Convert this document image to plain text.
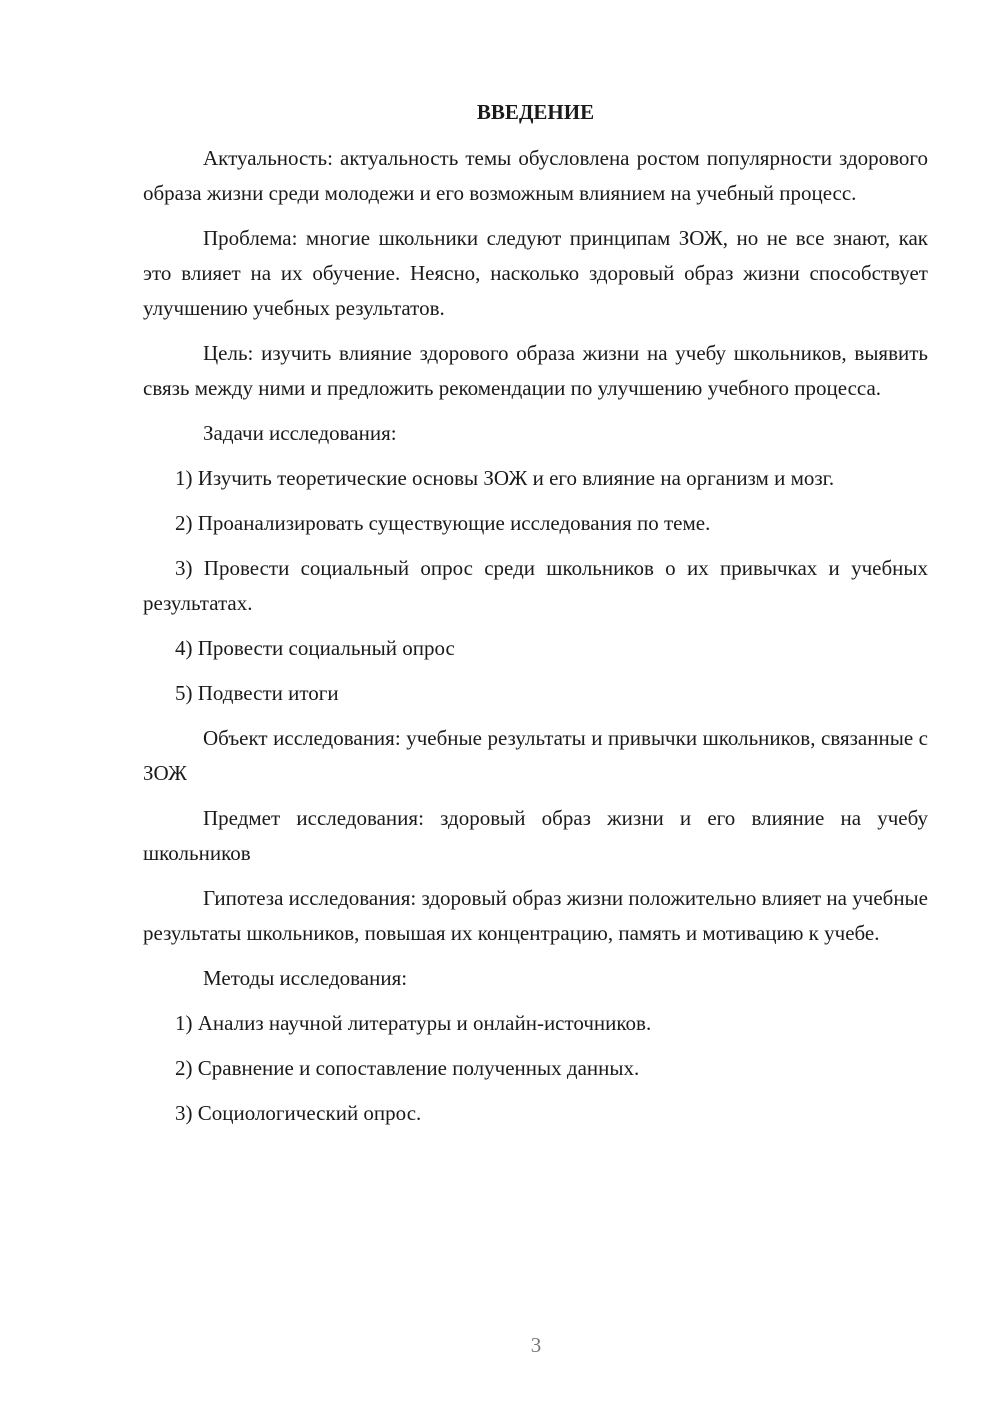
ВВЕДЕНИЕ

Актуальность: актуальность темы обусловлена ростом популярности здорового образа жизни среди молодежи и его возможным влиянием на учебный процесс.

Проблема: многие школьники следуют принципам ЗОЖ, но не все знают, как это влияет на их обучение. Неясно, насколько здоровый образ жизни способствует улучшению учебных результатов.

Цель: изучить влияние здорового образа жизни на учебу школьников, выявить связь между ними и предложить рекомендации по улучшению учебного процесса.

Задачи исследования:

1) Изучить теоретические основы ЗОЖ и его влияние на организм и мозг.

2) Проанализировать существующие исследования по теме.

3) Провести социальный опрос среди школьников о их привычках и учебных результатах.

4) Провести социальный опрос

5) Подвести итоги

Объект исследования: учебные результаты и привычки школьников, связанные с ЗОЖ

Предмет исследования: здоровый образ жизни и его влияние на учебу школьников

Гипотеза исследования: здоровый образ жизни положительно влияет на учебные результаты школьников, повышая их концентрацию, память и мотивацию к учебе.

Методы исследования:

1) Анализ научной литературы и онлайн-источников.

2) Сравнение и сопоставление полученных данных.

3) Социологический опрос.

3
